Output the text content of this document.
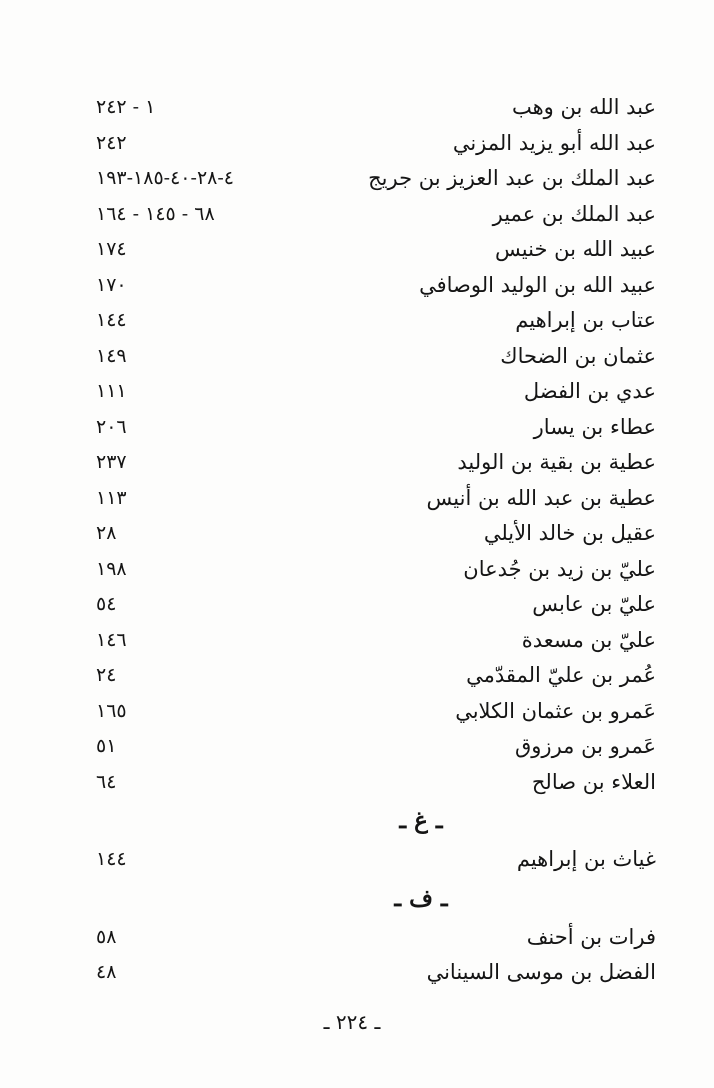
عبد الله بن وهب
١ - ٢٤٢
عبد الله أبو يزيد المزني
٢٤٢
عبد الملك بن عبد العزيز بن جريج
٤-٢٨-٤٠-١٨٥-١٩٣
عبد الملك بن عمير
٦٨ - ١٤٥ - ١٦٤
عبيد الله بن خنيس
١٧٤
عبيد الله بن الوليد الوصافي
١٧٠
عتاب بن إبراهيم
١٤٤
عثمان بن الضحاك
١٤٩
عدي بن الفضل
١١١
عطاء بن يسار
٢٠٦
عطية بن بقية بن الوليد
٢٣٧
عطية بن عبد الله بن أنيس
١١٣
عقيل بن خالد الأيلي
٢٨
عليّ بن زيد بن جُدعان
١٩٨
عليّ بن عابس
٥٤
عليّ بن مسعدة
١٤٦
عُمر بن عليّ المقدّمي
٢٤
عَمرو بن عثمان الكلابي
١٦٥
عَمرو بن مرزوق
٥١
العلاء بن صالح
٦٤
ـ غ ـ
غياث بن إبراهيم
١٤٤
ـ ف ـ
فرات بن أحنف
٥٨
الفضل بن موسى السيناني
٤٨
ـ ٢٢٤ ـ
